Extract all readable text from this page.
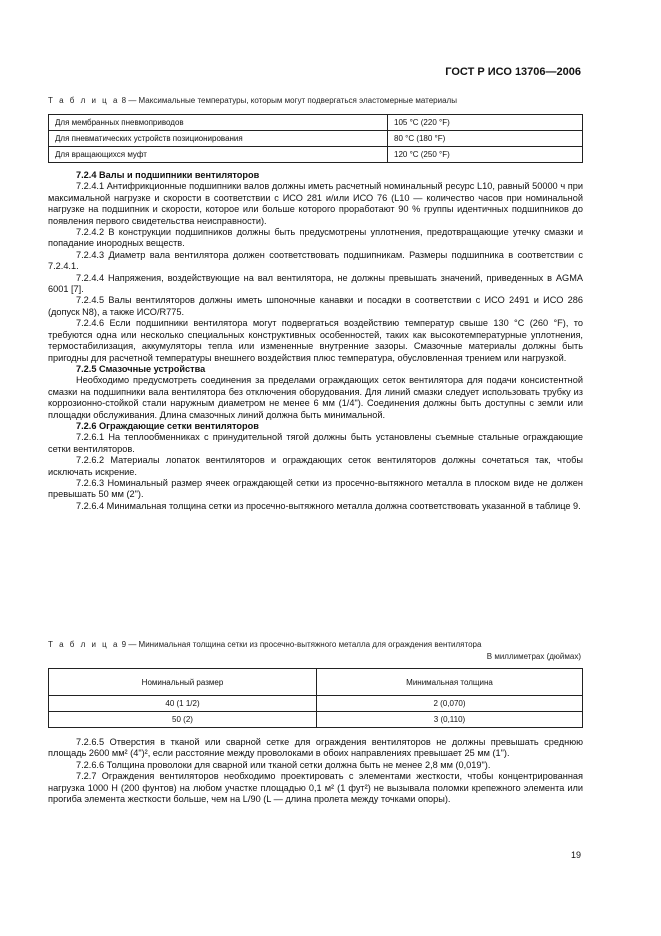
ГОСТ Р ИСО 13706—2006
Т а б л и ц а 8 — Максимальные температуры, которым могут подвергаться эластомерные материалы
Для мембранных пневмоприводов	105 °С (220 °F)
Для пневматических устройств позиционирования	80 °С (180 °F)
Для вращающихся муфт	120 °С (250 °F)

7.2.4 Валы и подшипники вентиляторов

7.2.4.1 Антифрикционные подшипники валов должны иметь расчетный номинальный ресурс L10, равный 50000 ч при максимальной нагрузке и скорости в соответствии с ИСО 281 и/или ИСО 76 (L10 — количество часов при номинальной нагрузке на подшипник и скорости, которое или больше которого проработают 90 % группы идентичных подшипников до появления первого свидетельства неисправности).

7.2.4.2 В конструкции подшипников должны быть предусмотрены уплотнения, предотвращающие утечку смазки и попадание инородных веществ.

7.2.4.3 Диаметр вала вентилятора должен соответствовать подшипникам. Размеры подшипника в соответствии с 7.2.4.1.

7.2.4.4 Напряжения, воздействующие на вал вентилятора, не должны превышать значений, приведенных в AGMA 6001 [7].

7.2.4.5 Валы вентиляторов должны иметь шпоночные канавки и посадки в соответствии с ИСО 2491 и ИСО 286 (допуск N8), а также ИСО/R775.

7.2.4.6 Если подшипники вентилятора могут подвергаться воздействию температур свыше 130 °С (260 °F), то требуются одна или несколько специальных конструктивных особенностей, таких как высокотемпературные уплотнения, термостабилизация, аккумуляторы тепла или измененные внутренние зазоры. Смазочные материалы должны быть пригодны для расчетной температуры внешнего воздействия плюс температура, обусловленная трением или нагрузкой.

7.2.5 Смазочные устройства

Необходимо предусмотреть соединения за пределами ограждающих сеток вентилятора для подачи консистентной смазки на подшипники вала вентилятора без отключения оборудования. Для линий смазки следует использовать трубку из коррозионно-стойкой стали наружным диаметром не менее 6 мм (1/4"). Соединения должны быть доступны с земли или площадки обслуживания. Длина смазочных линий должна быть минимальной.

7.2.6 Ограждающие сетки вентиляторов

7.2.6.1 На теплообменниках с принудительной тягой должны быть установлены съемные стальные ограждающие сетки вентиляторов.

7.2.6.2 Материалы лопаток вентиляторов и ограждающих сеток вентиляторов должны сочетаться так, чтобы исключать искрение.

7.2.6.3 Номинальный размер ячеек ограждающей сетки из просечно-вытяжного металла в плоском виде не должен превышать 50 мм (2").

7.2.6.4 Минимальная толщина сетки из просечно-вытяжного металла должна соответствовать указанной в таблице 9.

Т а б л и ц а 9 — Минимальная толщина сетки из просечно-вытяжного металла для ограждения вентилятора
В миллиметрах (дюймах)
Номинальный размер	Минимальная толщина
40 (1 1/2)	2 (0,070)
50 (2)	3 (0,110)

7.2.6.5 Отверстия в тканой или сварной сетке для ограждения вентиляторов не должны превышать среднюю площадь 2600 мм² (4")², если расстояние между проволоками в обоих направлениях превышает 25 мм (1").

7.2.6.6 Толщина проволоки для сварной или тканой сетки должна быть не менее 2,8 мм (0,019").

7.2.7 Ограждения вентиляторов необходимо проектировать с элементами жесткости, чтобы концентрированная нагрузка 1000 Н (200 фунтов) на любом участке площадью 0,1 м² (1 фут²) не вызывала поломки крепежного элемента или прогиба элемента жесткости больше, чем на L/90 (L — длина пролета между точками опоры).

19
